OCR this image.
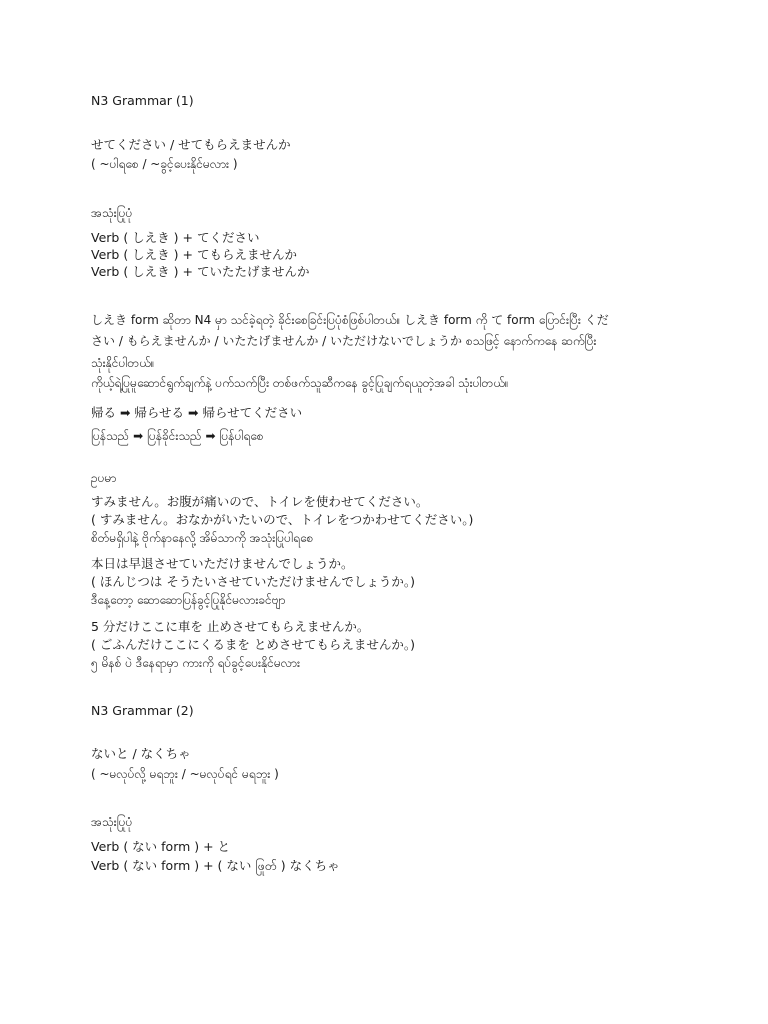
N3 Grammar (1)
せてください / せてもらえませんか
( ~ပါရစေ / ~ခွင့်ပေးနိုင်မလား )
အသုံးပြုပုံ
Verb ( しえき ) + てください
Verb ( しえき ) + てもらえませんか
Verb ( しえき ) + ていたたげませんか
しえき form ဆိုတာ N4 မှာ သင်ခဲ့ရတဲ့ ခိုင်းစေခြင်းပြပုံစံဖြစ်ပါတယ်။ しえき form ကို て form ပြောင်းပြီး くだ
さい / もらえませんか / いたたげませんか / いただけないでしょうか စသဖြင့် နောက်ကနေ ဆက်ပြီး
သုံးနိုင်ပါတယ်။
ကိုယ့်ရဲ့ပြုမူဆောင်ရွက်ချက်နဲ့ ပက်သက်ပြီး တစ်ဖက်သူဆီကနေ ခွင့်ပြုချက်ရယူတဲ့အခါ သုံးပါတယ်။
帰る ➡ 帰らせる ➡ 帰らせてください
ပြန်သည် ➡ ပြန်ခိုင်းသည် ➡ ပြန်ပါရစေ
ဥပမာ
すみません。お腹が痛いので、トイレを使わせてください。
( すみません。おなかがいたいので、トイレをつかわせてください。)
စိတ်မရှိပါနဲ့ ဗိုက်နာနေလို့ အိမ်သာကို အသုံးပြုပါရစေ
本日は早退させていただけませんでしょうか。
( ほんじつは そうたいさせていただけませんでしょうか。)
ဒီနေ့တော့ ဆောဆောပြန်ခွင့်ပြုနိုင်မလားခင်ဗျာ
5 分だけここに車を 止めさせてもらえませんか。
( ごふんだけここにくるまを とめさせてもらえませんか。)
၅ မိနစ် ပဲ ဒီနေရာမှာ ကားကို ရပ်ခွင့်ပေးနိုင်မလား
N3 Grammar (2)
ないと / なくちゃ
( ~မလုပ်လို့ မရဘူး / ~မလုပ်ရင် မရဘူး )
အသုံးပြုပုံ
Verb ( ない form ) + と
Verb ( ない form ) + ( ない ဖြုတ် ) なくちゃ
